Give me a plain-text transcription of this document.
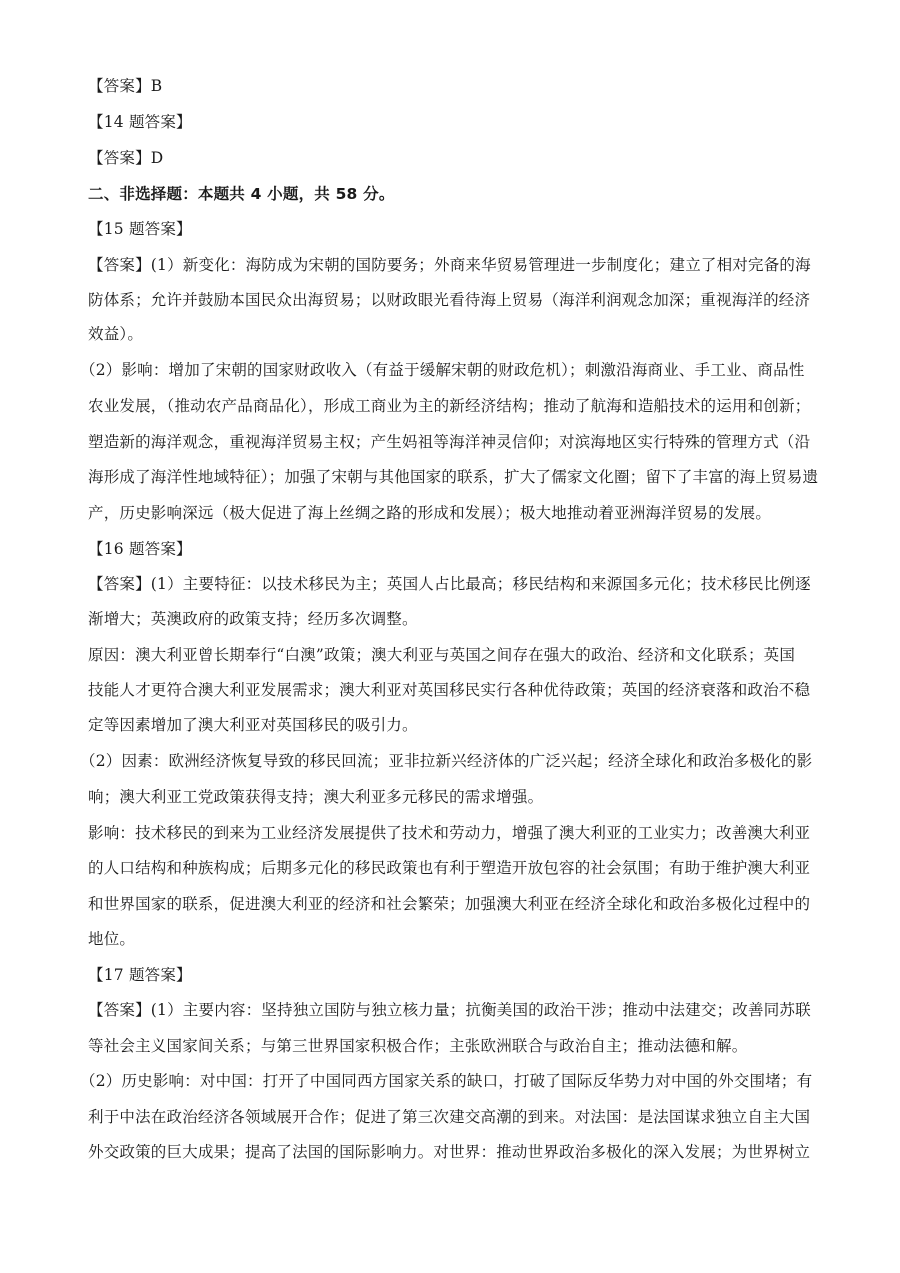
【答案】B
【14 题答案】
【答案】D
二、非选择题：本题共 4 小题，共 58 分。
【15 题答案】
【答案】(1）新变化：海防成为宋朝的国防要务；外商来华贸易管理进一步制度化；建立了相对完备的海
防体系；允许并鼓励本国民众出海贸易；以财政眼光看待海上贸易（海洋利润观念加深；重视海洋的经济
效益）。
（2）影响：增加了宋朝的国家财政收入（有益于缓解宋朝的财政危机）；刺激沿海商业、手工业、商品性
农业发展，（推动农产品商品化），形成工商业为主的新经济结构；推动了航海和造船技术的运用和创新；
塑造新的海洋观念，重视海洋贸易主权；产生妈祖等海洋神灵信仰；对滨海地区实行特殊的管理方式（沿
海形成了海洋性地域特征）；加强了宋朝与其他国家的联系，扩大了儒家文化圈；留下了丰富的海上贸易遗
产，历史影响深远（极大促进了海上丝绸之路的形成和发展）；极大地推动着亚洲海洋贸易的发展。
【16 题答案】
【答案】(1）主要特征：以技术移民为主；英国人占比最高；移民结构和来源国多元化；技术移民比例逐
渐增大；英澳政府的政策支持；经历多次调整。
原因：澳大利亚曾长期奉行“白澳”政策；澳大利亚与英国之间存在强大的政治、经济和文化联系；英国
技能人才更符合澳大利亚发展需求；澳大利亚对英国移民实行各种优待政策；英国的经济衰落和政治不稳
定等因素增加了澳大利亚对英国移民的吸引力。
（2）因素：欧洲经济恢复导致的移民回流；亚非拉新兴经济体的广泛兴起；经济全球化和政治多极化的影
响；澳大利亚工党政策获得支持；澳大利亚多元移民的需求增强。
影响：技术移民的到来为工业经济发展提供了技术和劳动力，增强了澳大利亚的工业实力；改善澳大利亚
的人口结构和种族构成；后期多元化的移民政策也有利于塑造开放包容的社会氛围；有助于维护澳大利亚
和世界国家的联系，促进澳大利亚的经济和社会繁荣；加强澳大利亚在经济全球化和政治多极化过程中的
地位。
【17 题答案】
【答案】(1）主要内容：坚持独立国防与独立核力量；抗衡美国的政治干涉；推动中法建交；改善同苏联
等社会主义国家间关系；与第三世界国家积极合作；主张欧洲联合与政治自主；推动法德和解。
（2）历史影响：对中国：打开了中国同西方国家关系的缺口，打破了国际反华势力对中国的外交围堵；有
利于中法在政治经济各领域展开合作；促进了第三次建交高潮的到来。对法国：是法国谋求独立自主大国
外交政策的巨大成果；提高了法国的国际影响力。对世界：推动世界政治多极化的深入发展；为世界树立
